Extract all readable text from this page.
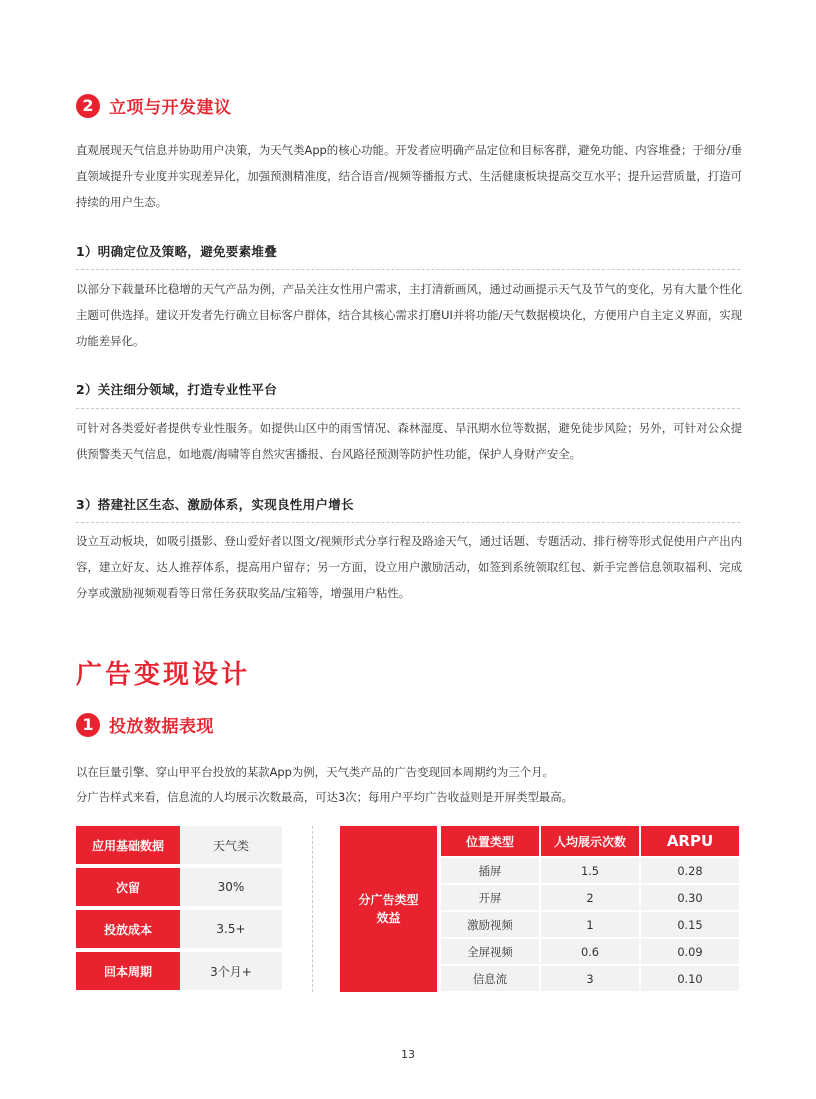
2 立项与开发建议

直观展现天气信息并协助用户决策，为天气类App的核心功能。开发者应明确产品定位和目标客群，避免功能、内容堆叠；于细分/垂直领域提升专业度并实现差异化，加强预测精准度，结合语音/视频等播报方式、生活健康板块提高交互水平；提升运营质量，打造可持续的用户生态。

1）明确定位及策略，避免要素堆叠

以部分下载量环比稳增的天气产品为例，产品关注女性用户需求，主打清新画风，通过动画提示天气及节气的变化，另有大量个性化主题可供选择。建议开发者先行确立目标客户群体，结合其核心需求打磨UI并将功能/天气数据模块化，方便用户自主定义界面，实现功能差异化。

2）关注细分领域，打造专业性平台

可针对各类爱好者提供专业性服务。如提供山区中的雨雪情况、森林湿度、旱汛期水位等数据，避免徒步风险；另外，可针对公众提供预警类天气信息，如地震/海啸等自然灾害播报、台风路径预测等防护性功能，保护人身财产安全。

3）搭建社区生态、激励体系，实现良性用户增长

设立互动板块，如吸引摄影、登山爱好者以图文/视频形式分享行程及路途天气，通过话题、专题活动、排行榜等形式促使用户产出内容，建立好友、达人推荐体系，提高用户留存；另一方面，设立用户激励活动，如签到系统领取红包、新手完善信息领取福利、完成分享或激励视频观看等日常任务获取奖品/宝箱等，增强用户粘性。

广告变现设计
1 投放数据表现
以在巨量引擎、穿山甲平台投放的某款App为例，天气类产品的广告变现回本周期约为三个月。
分广告样式来看，信息流的人均展示次数最高，可达3次；每用户平均广告收益则是开屏类型最高。
应用基础数据	天气类
次留	30%
投放成本	3.5+
回本周期	3个月+
分广告类型
效益
位置类型	人均展示次数	ARPU
插屏	1.5	0.28
开屏	2	0.30
激励视频	1	0.15
全屏视频	0.6	0.09
信息流	3	0.10
13
